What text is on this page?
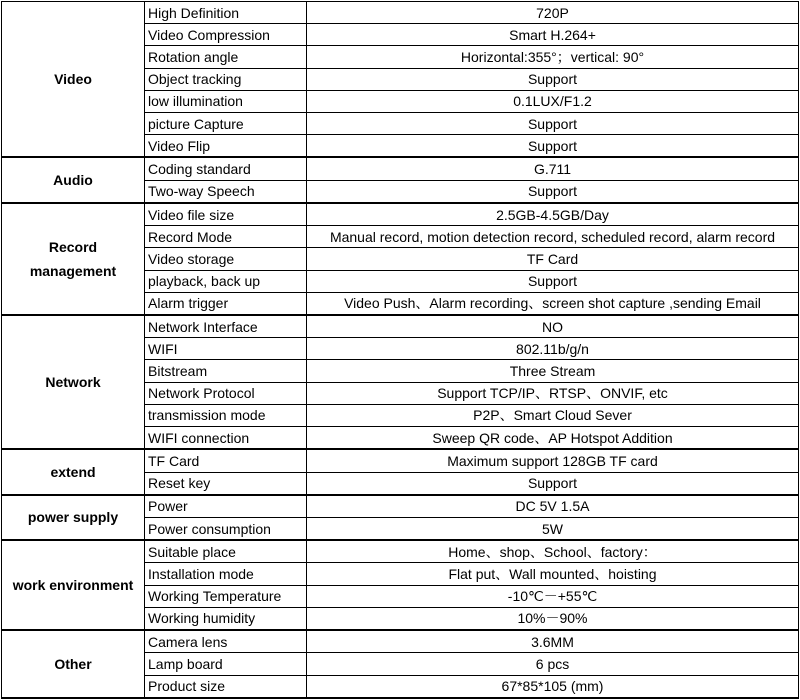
Video	High Definition	720P
	Video Compression	Smart H.264+
	Rotation angle	Horizontal:355°；vertical: 90°
	Object tracking	Support
	low illumination	0.1LUX/F1.2
	picture Capture	Support
	Video Flip	Support
Audio	Coding standard	G.711
	Two-way Speech	Support
Record management	Video file size	2.5GB-4.5GB/Day
	Record Mode	Manual record, motion detection record, scheduled record, alarm record
	Video storage	TF Card
	playback, back up	Support
	Alarm trigger	Video Push、Alarm recording、screen shot capture ,sending Email
Network	Network Interface	NO
	WIFI	802.11b/g/n
	Bitstream	Three Stream
	Network Protocol	Support TCP/IP、RTSP、ONVIF, etc
	transmission mode	P2P、Smart Cloud Sever
	WIFI connection	Sweep QR code、AP Hotspot Addition
extend	TF Card	Maximum support 128GB TF card
	Reset key	Support
power supply	Power	DC 5V 1.5A
	Power consumption	5W
work environment	Suitable place	Home、shop、School、factory：
	Installation mode	Flat put、Wall mounted、hoisting
	Working Temperature	-10℃－+55℃
	Working humidity	10%－90%
Other	Camera lens	3.6MM
	Lamp board	6 pcs
	Product size	67*85*105 (mm)
